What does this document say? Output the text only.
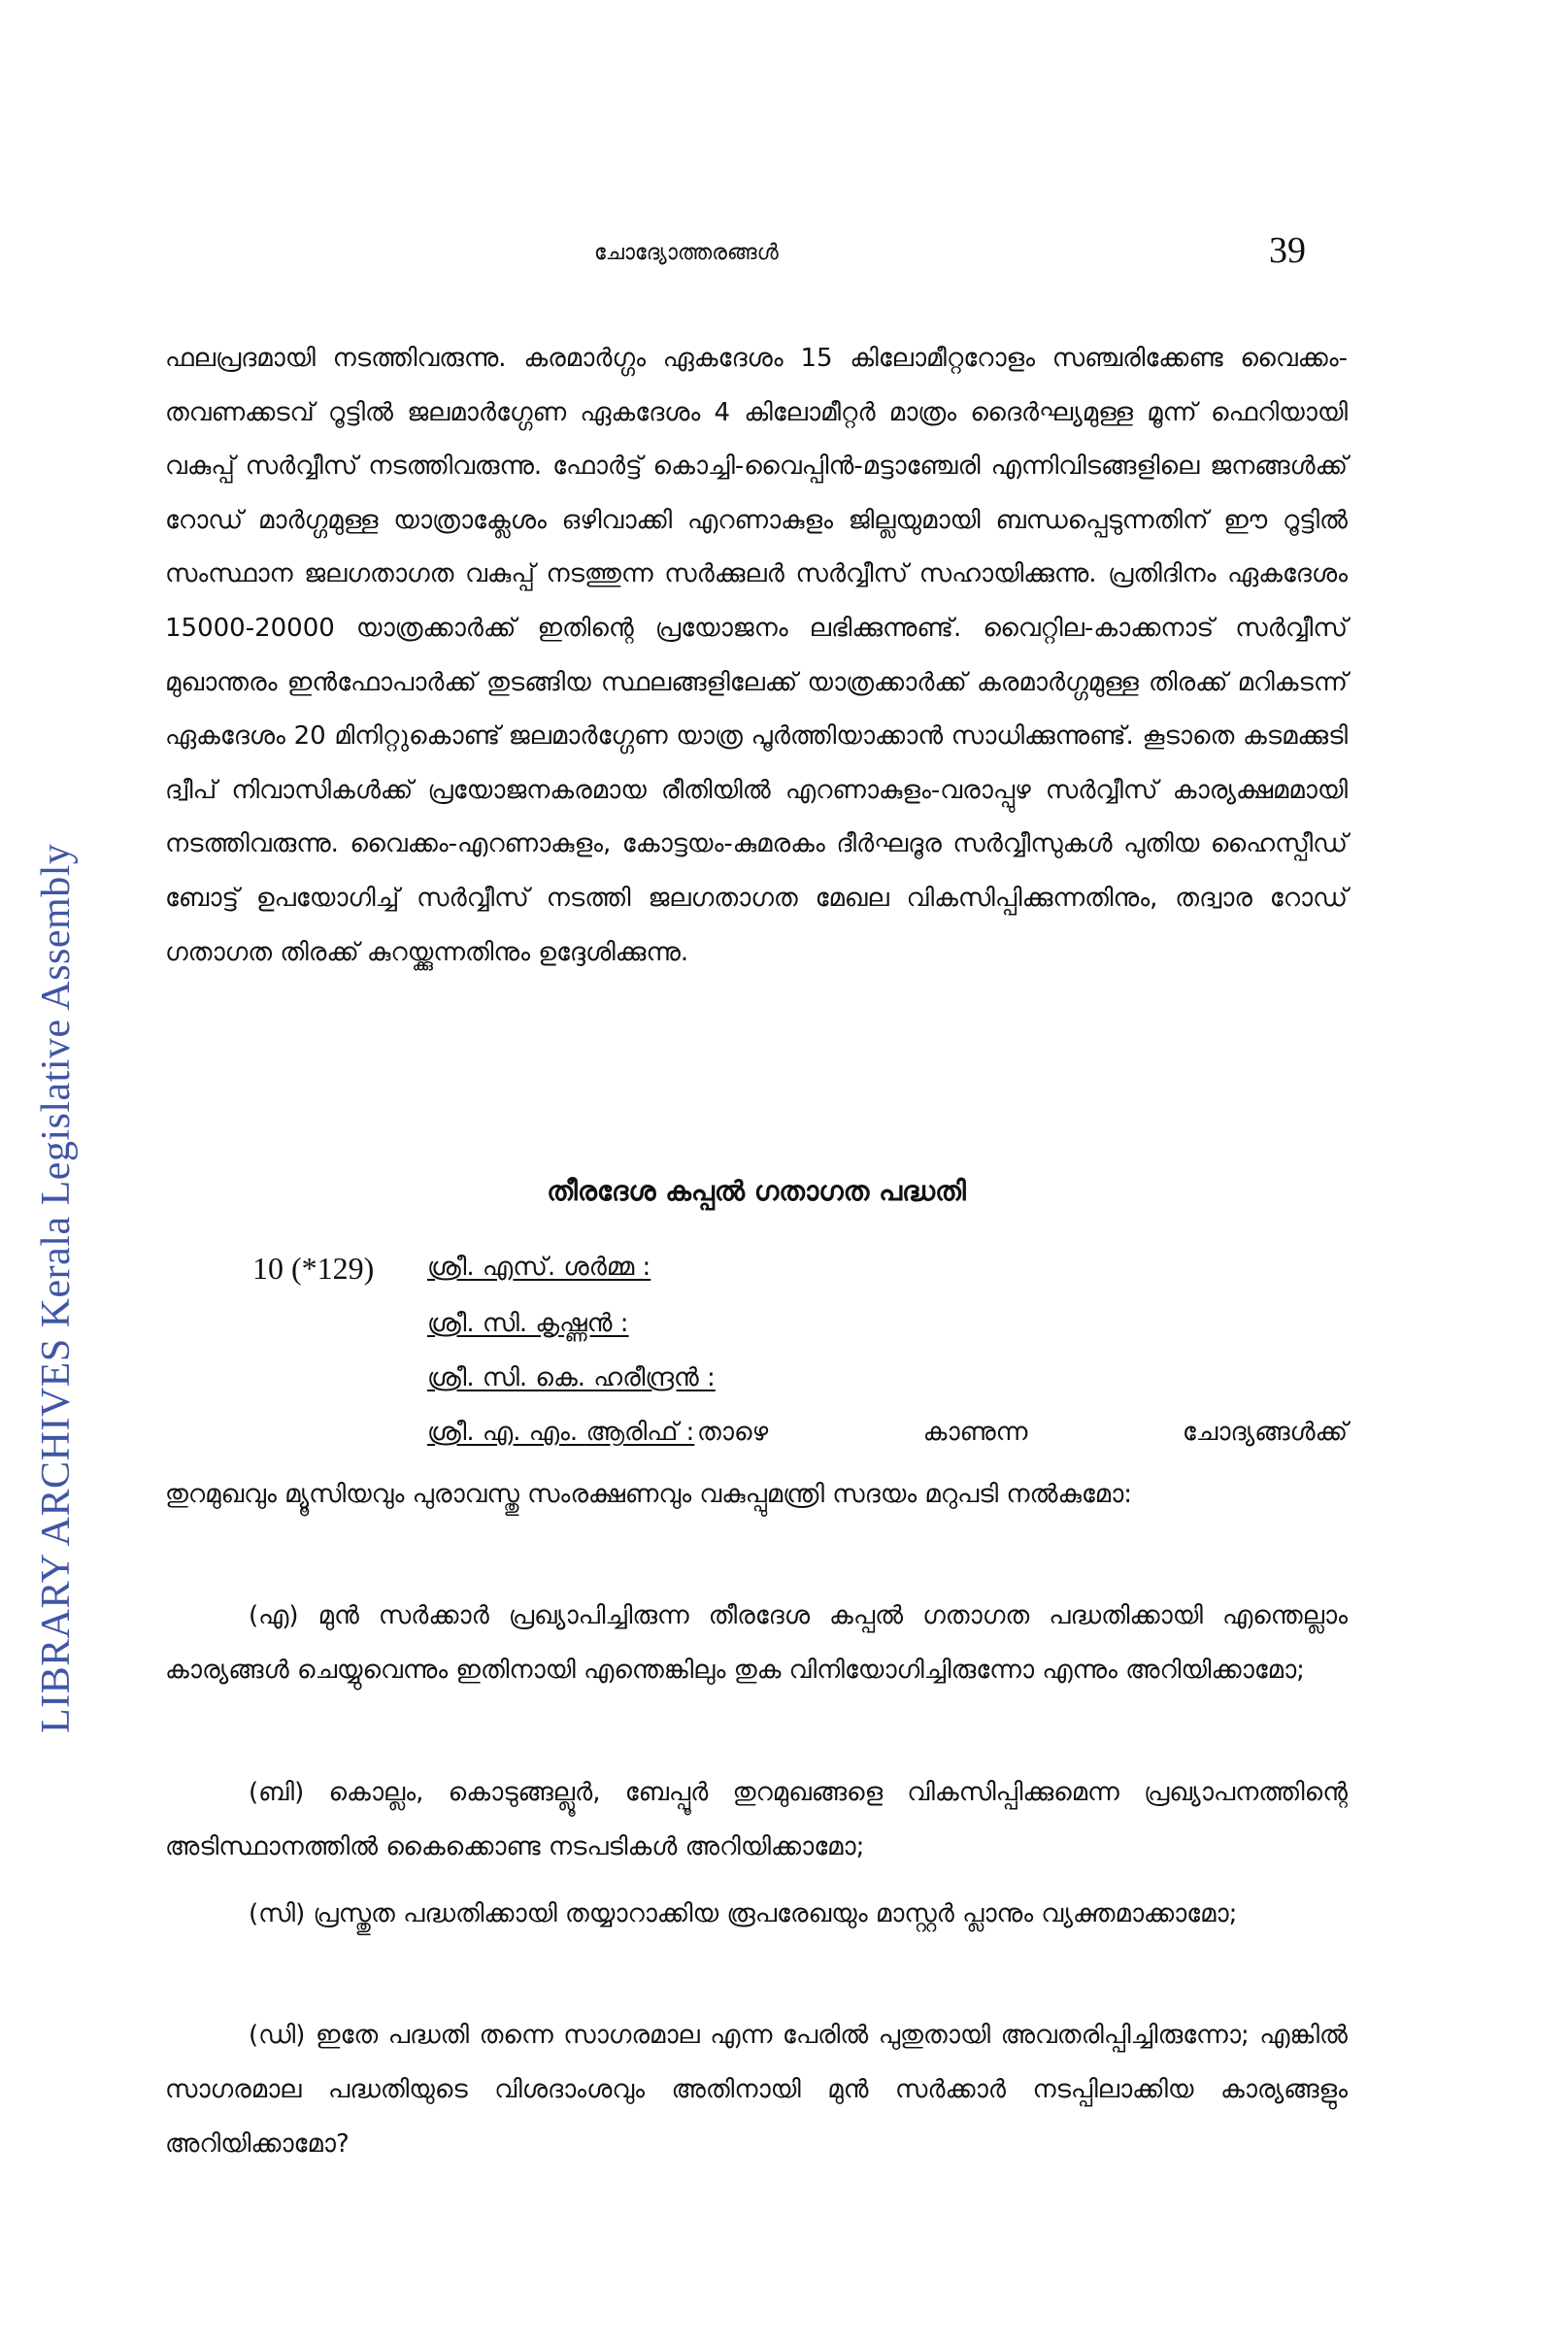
LIBRARY ARCHIVES Kerala Legislative Assembly
ചോദ്യോത്തരങ്ങൾ	39

ഫലപ്രദമായി നടത്തിവരുന്നു. കരമാർഗ്ഗം ഏകദേശം 15 കിലോമീറ്ററോളം സഞ്ചരിക്കേണ്ട വൈക്കം-തവണക്കടവ് റൂട്ടിൽ ജലമാർഗ്ഗേണ ഏകദേശം 4 കിലോമീറ്റർ മാത്രം ദൈർഘ്യമുള്ള മൂന്ന് ഫെറിയായി വകുപ്പ് സർവ്വീസ് നടത്തിവരുന്നു. ഫോർട്ട് കൊച്ചി-വൈപ്പിൻ-മട്ടാഞ്ചേരി എന്നിവിടങ്ങളിലെ ജനങ്ങൾക്ക് റോഡ് മാർഗ്ഗമുള്ള യാത്രാക്ലേശം ഒഴിവാക്കി എറണാകുളം ജില്ലയുമായി ബന്ധപ്പെടുന്നതിന് ഈ റൂട്ടിൽ സംസ്ഥാന ജലഗതാഗത വകുപ്പ് നടത്തുന്ന സർക്കുലർ സർവ്വീസ് സഹായിക്കുന്നു. പ്രതിദിനം ഏകദേശം 15000-20000 യാത്രക്കാർക്ക് ഇതിന്റെ പ്രയോജനം ലഭിക്കുന്നുണ്ട്. വൈറ്റില-കാക്കനാട് സർവ്വീസ് മുഖാന്തരം ഇൻഫോപാർക്ക് തുടങ്ങിയ സ്ഥലങ്ങളിലേക്ക് യാത്രക്കാർക്ക് കരമാർഗ്ഗമുള്ള തിരക്ക് മറികടന്ന് ഏകദേശം 20 മിനിറ്റുകൊണ്ട് ജലമാർഗ്ഗേണ യാത്ര പൂർത്തിയാക്കാൻ സാധിക്കുന്നുണ്ട്. കൂടാതെ കടമക്കുടി ദ്വീപ് നിവാസികൾക്ക് പ്രയോജനകരമായ രീതിയിൽ എറണാകുളം-വരാപ്പുഴ സർവ്വീസ് കാര്യക്ഷമമായി നടത്തിവരുന്നു. വൈക്കം-എറണാകുളം, കോട്ടയം-കുമരകം ദീർഘദൂര സർവ്വീസുകൾ പുതിയ ഹൈസ്പീഡ് ബോട്ട് ഉപയോഗിച്ച് സർവ്വീസ് നടത്തി ജലഗതാഗത മേഖല വികസിപ്പിക്കുന്നതിനും, തദ്വാര റോഡ് ഗതാഗത തിരക്ക് കുറയ്ക്കുന്നതിനും ഉദ്ദേശിക്കുന്നു.

തീരദേശ കപ്പൽ ഗതാഗത പദ്ധതി
10 (*129) ശ്രീ. എസ്. ശർമ്മ :
ശ്രീ. സി. കൃഷ്ണൻ :
ശ്രീ. സി. കെ. ഹരീന്ദ്രൻ :
ശ്രീ. എ. എം. ആരിഫ് : താഴെ കാണുന്ന ചോദ്യങ്ങൾക്ക്
തുറമുഖവും മ്യൂസിയവും പുരാവസ്തു സംരക്ഷണവും വകുപ്പുമന്ത്രി സദയം മറുപടി നൽകുമോ:

(എ) മുൻ സർക്കാർ പ്രഖ്യാപിച്ചിരുന്ന തീരദേശ കപ്പൽ ഗതാഗത പദ്ധതിക്കായി എന്തെല്ലാം കാര്യങ്ങൾ ചെയ്യുവെന്നും ഇതിനായി എന്തെങ്കിലും തുക വിനിയോഗിച്ചിരുന്നോ എന്നും അറിയിക്കാമോ;

(ബി) കൊല്ലം, കൊടുങ്ങല്ലൂർ, ബേപ്പൂർ തുറമുഖങ്ങളെ വികസിപ്പിക്കുമെന്ന പ്രഖ്യാപനത്തിന്റെ അടിസ്ഥാനത്തിൽ കൈക്കൊണ്ട നടപടികൾ അറിയിക്കാമോ;

(സി) പ്രസ്തുത പദ്ധതിക്കായി തയ്യാറാക്കിയ രൂപരേഖയും മാസ്റ്റർ പ്ലാനും വ്യക്തമാക്കാമോ;

(ഡി) ഇതേ പദ്ധതി തന്നെ സാഗരമാല എന്ന പേരിൽ പുതുതായി അവതരിപ്പിച്ചിരുന്നോ; എങ്കിൽ സാഗരമാല പദ്ധതിയുടെ വിശദാംശവും അതിനായി മുൻ സർക്കാർ നടപ്പിലാക്കിയ കാര്യങ്ങളും അറിയിക്കാമോ?
